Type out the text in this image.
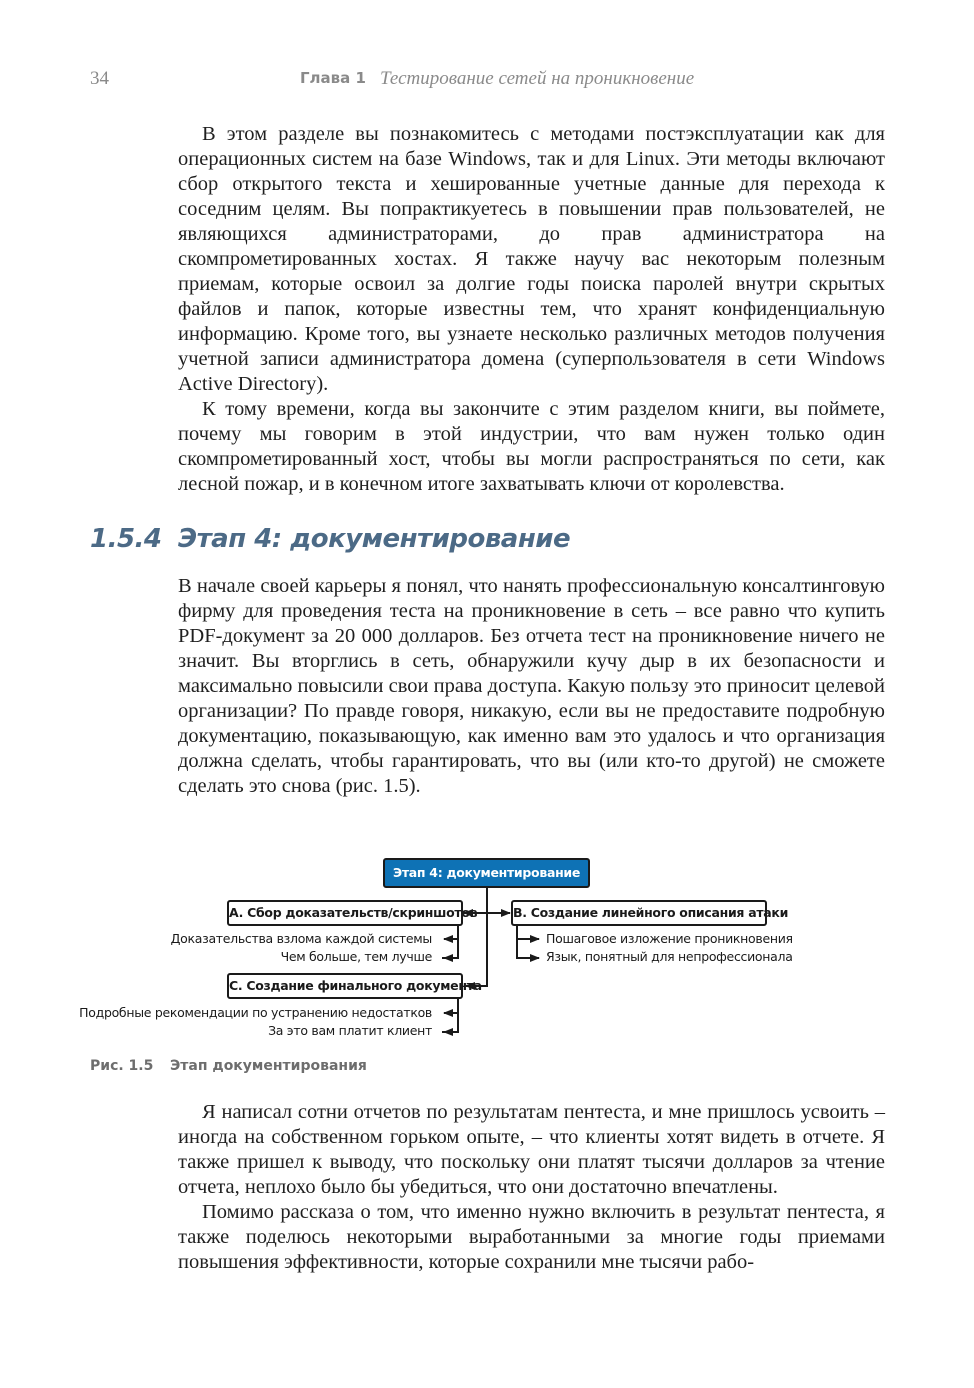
34	Глава 1 Тестирование сетей на проникновение

В этом разделе вы познакомитесь с методами постэксплуатации как для операционных систем на базе Windows, так и для Linux. Эти методы включают сбор открытого текста и хешированные учетные данные для перехода к соседним целям. Вы попрактикуетесь в повышении прав пользователей, не являющихся администраторами, до прав администратора на скомпрометированных хостах. Я также научу вас некоторым полезным приемам, которые освоил за долгие годы поиска паролей внутри скрытых файлов и папок, которые известны тем, что хранят конфиденциальную информацию. Кроме того, вы узнаете несколько различных методов получения учетной записи администратора домена (суперпользователя в сети Windows Active Directory).

К тому времени, когда вы закончите с этим разделом книги, вы поймете, почему мы говорим в этой индустрии, что вам нужен только один скомпрометированный хост, чтобы вы могли распространяться по сети, как лесной пожар, и в конечном итоге захватывать ключи от королевства.

1.5.4 Этап 4: документирование

В начале своей карьеры я понял, что нанять профессиональную консалтинговую фирму для проведения теста на проникновение в сеть – все равно что купить PDF-документ за 20 000 долларов. Без отчета тест на проникновение ничего не значит. Вы вторглись в сеть, обнаружили кучу дыр в их безопасности и максимально повысили свои права доступа. Какую пользу это приносит целевой организации? По правде говоря, никакую, если вы не предоставите подробную документацию, показывающую, как именно вам это удалось и что организация должна сделать, чтобы гарантировать, что вы (или кто-то другой) не сможете сделать это снова (рис. 1.5).

Этап 4: документирование
A. Сбор доказательств/скриншотов
Доказательства взлома каждой системы
Чем больше, тем лучше
B. Создание линейного описания атаки
Пошаговое изложение проникновения
Язык, понятный для непрофессионала
C. Создание финального документа
Подробные рекомендации по устранению недостатков
За это вам платит клиент
Рис. 1.5 Этап документирования

Я написал сотни отчетов по результатам пентеста, и мне пришлось усвоить – иногда на собственном горьком опыте, – что клиенты хотят видеть в отчете. Я также пришел к выводу, что поскольку они платят тысячи долларов за чтение отчета, неплохо было бы убедиться, что они достаточно впечатлены.

Помимо рассказа о том, что именно нужно включить в результат пентеста, я также поделюсь некоторыми выработанными за многие годы приемами повышения эффективности, которые сохранили мне тысячи рабо-
